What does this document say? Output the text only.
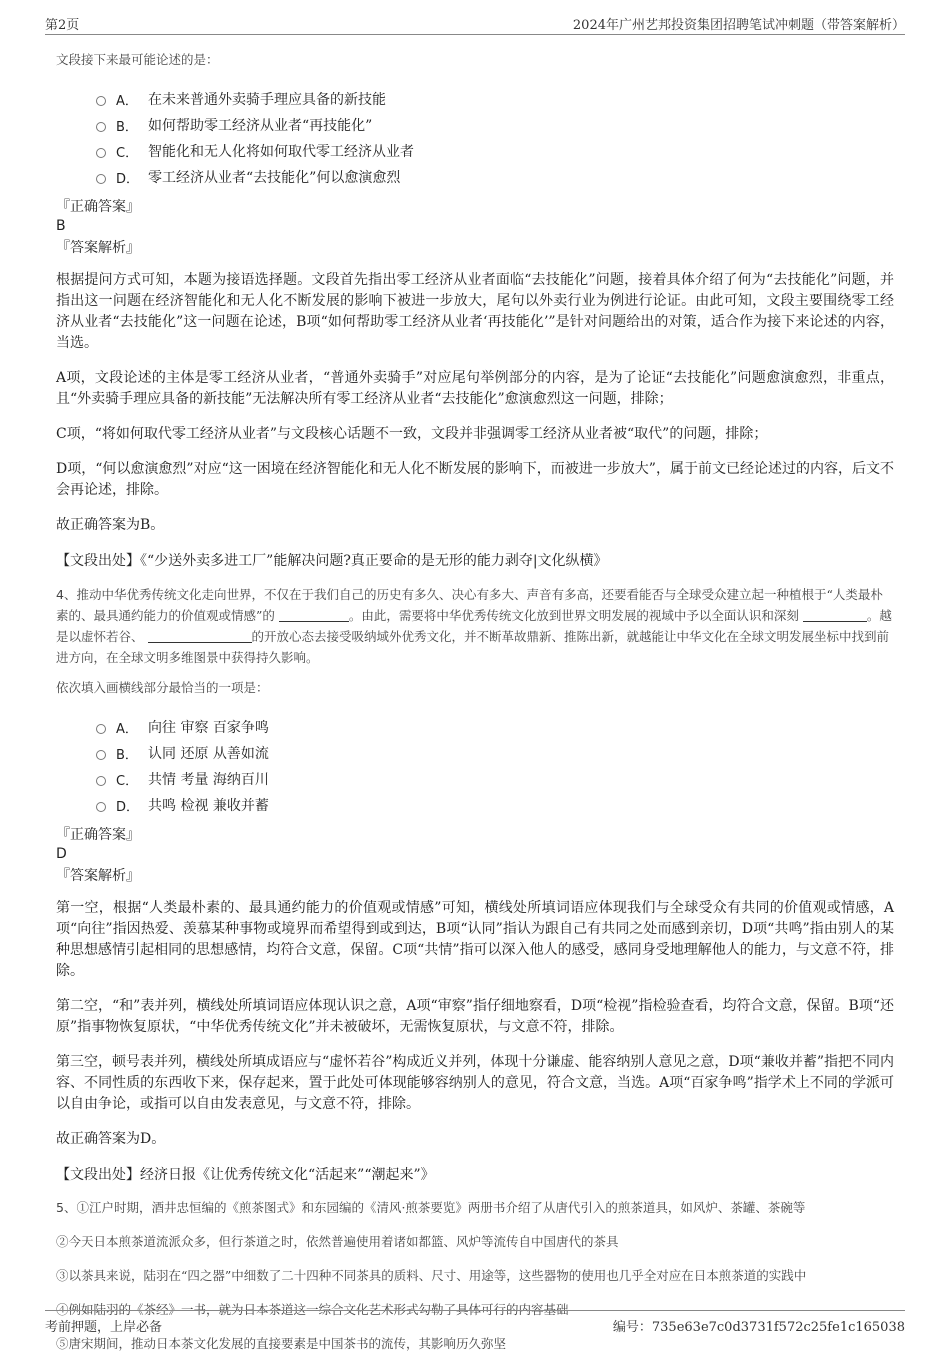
第2页	2024年广州艺邦投资集团招聘笔试冲刺题（带答案解析）

文段接下来最可能论述的是：

A． 在未来普通外卖骑手理应具备的新技能
B． 如何帮助零工经济从业者“再技能化”
C． 智能化和无人化将如何取代零工经济从业者
D． 零工经济从业者“去技能化”何以愈演愈烈

『正确答案』

B

『答案解析』

根据提问方式可知，本题为接语选择题。文段首先指出零工经济从业者面临“去技能化”问题，接着具体介绍了何为“去技能化”问题，并指出这一问题在经济智能化和无人化不断发展的影响下被进一步放大，尾句以外卖行业为例进行论证。由此可知，文段主要围绕零工经济从业者“去技能化”这一问题在论述，B项“如何帮助零工经济从业者‘再技能化’”是针对问题给出的对策，适合作为接下来论述的内容，当选。

A项，文段论述的主体是零工经济从业者，“普通外卖骑手”对应尾句举例部分的内容，是为了论证“去技能化”问题愈演愈烈，非重点，且“外卖骑手理应具备的新技能”无法解决所有零工经济从业者“去技能化”愈演愈烈这一问题，排除；

C项，“将如何取代零工经济从业者”与文段核心话题不一致，文段并非强调零工经济从业者被“取代”的问题，排除；

D项，“何以愈演愈烈”对应“这一困境在经济智能化和无人化不断发展的影响下，而被进一步放大”，属于前文已经论述过的内容，后文不会再论述，排除。

故正确答案为B。

【文段出处】《“少送外卖多进工厂”能解决问题?真正要命的是无形的能力剥夺|文化纵横》

4、推动中华优秀传统文化走向世界，不仅在于我们自己的历史有多久、决心有多大、声音有多高，还要看能否与全球受众建立起一种植根于“人类最朴素的、最具通约能力的价值观或情感”的	。由此，需要将中华优秀传统文化放到世界文明发展的视域中予以全面认识和深刻	。越是以虚怀若谷、	的开放心态去接受吸纳域外优秀文化，并不断革故鼎新、推陈出新，就越能让中华文化在全球文明发展坐标中找到前进方向，在全球文明多维图景中获得持久影响。

依次填入画横线部分最恰当的一项是：

A． 向往 审察 百家争鸣
B． 认同 还原 从善如流
C． 共情 考量 海纳百川
D． 共鸣 检视 兼收并蓄

『正确答案』

D

『答案解析』

第一空，根据“人类最朴素的、最具通约能力的价值观或情感”可知，横线处所填词语应体现我们与全球受众有共同的价值观或情感，A项“向往”指因热爱、羡慕某种事物或境界而希望得到或到达，B项“认同”指认为跟自己有共同之处而感到亲切，D项“共鸣”指由别人的某种思想感情引起相同的思想感情，均符合文意，保留。C项“共情”指可以深入他人的感受，感同身受地理解他人的能力，与文意不符，排除。

第二空，“和”表并列，横线处所填词语应体现认识之意，A项“审察”指仔细地察看，D项“检视”指检验查看，均符合文意，保留。B项“还原”指事物恢复原状，“中华优秀传统文化”并未被破坏，无需恢复原状，与文意不符，排除。

第三空，顿号表并列，横线处所填成语应与“虚怀若谷”构成近义并列，体现十分谦虚、能容纳别人意见之意，D项“兼收并蓄”指把不同内容、不同性质的东西收下来，保存起来，置于此处可体现能够容纳别人的意见，符合文意，当选。A项“百家争鸣”指学术上不同的学派可以自由争论，或指可以自由发表意见，与文意不符，排除。

故正确答案为D。

【文段出处】经济日报《让优秀传统文化“活起来”“潮起来”》

5、①江户时期，酒井忠恒编的《煎茶图式》和东园编的《清风·煎茶要览》两册书介绍了从唐代引入的煎茶道具，如风炉、茶罐、茶碗等

②今天日本煎茶道流派众多，但行茶道之时，依然普遍使用着诸如都篮、风炉等流传自中国唐代的茶具

③以茶具来说，陆羽在“四之器”中细数了二十四种不同茶具的质料、尺寸、用途等，这些器物的使用也几乎全对应在日本煎茶道的实践中

④例如陆羽的《茶经》一书，就为日本茶道这一综合文化艺术形式勾勒了具体可行的内容基础

⑤唐宋期间，推动日本茶文化发展的直接要素是中国茶书的流传，其影响历久弥坚

考前押题，上岸必备	编号：735e63e7c0d3731f572c25fe1c165038
